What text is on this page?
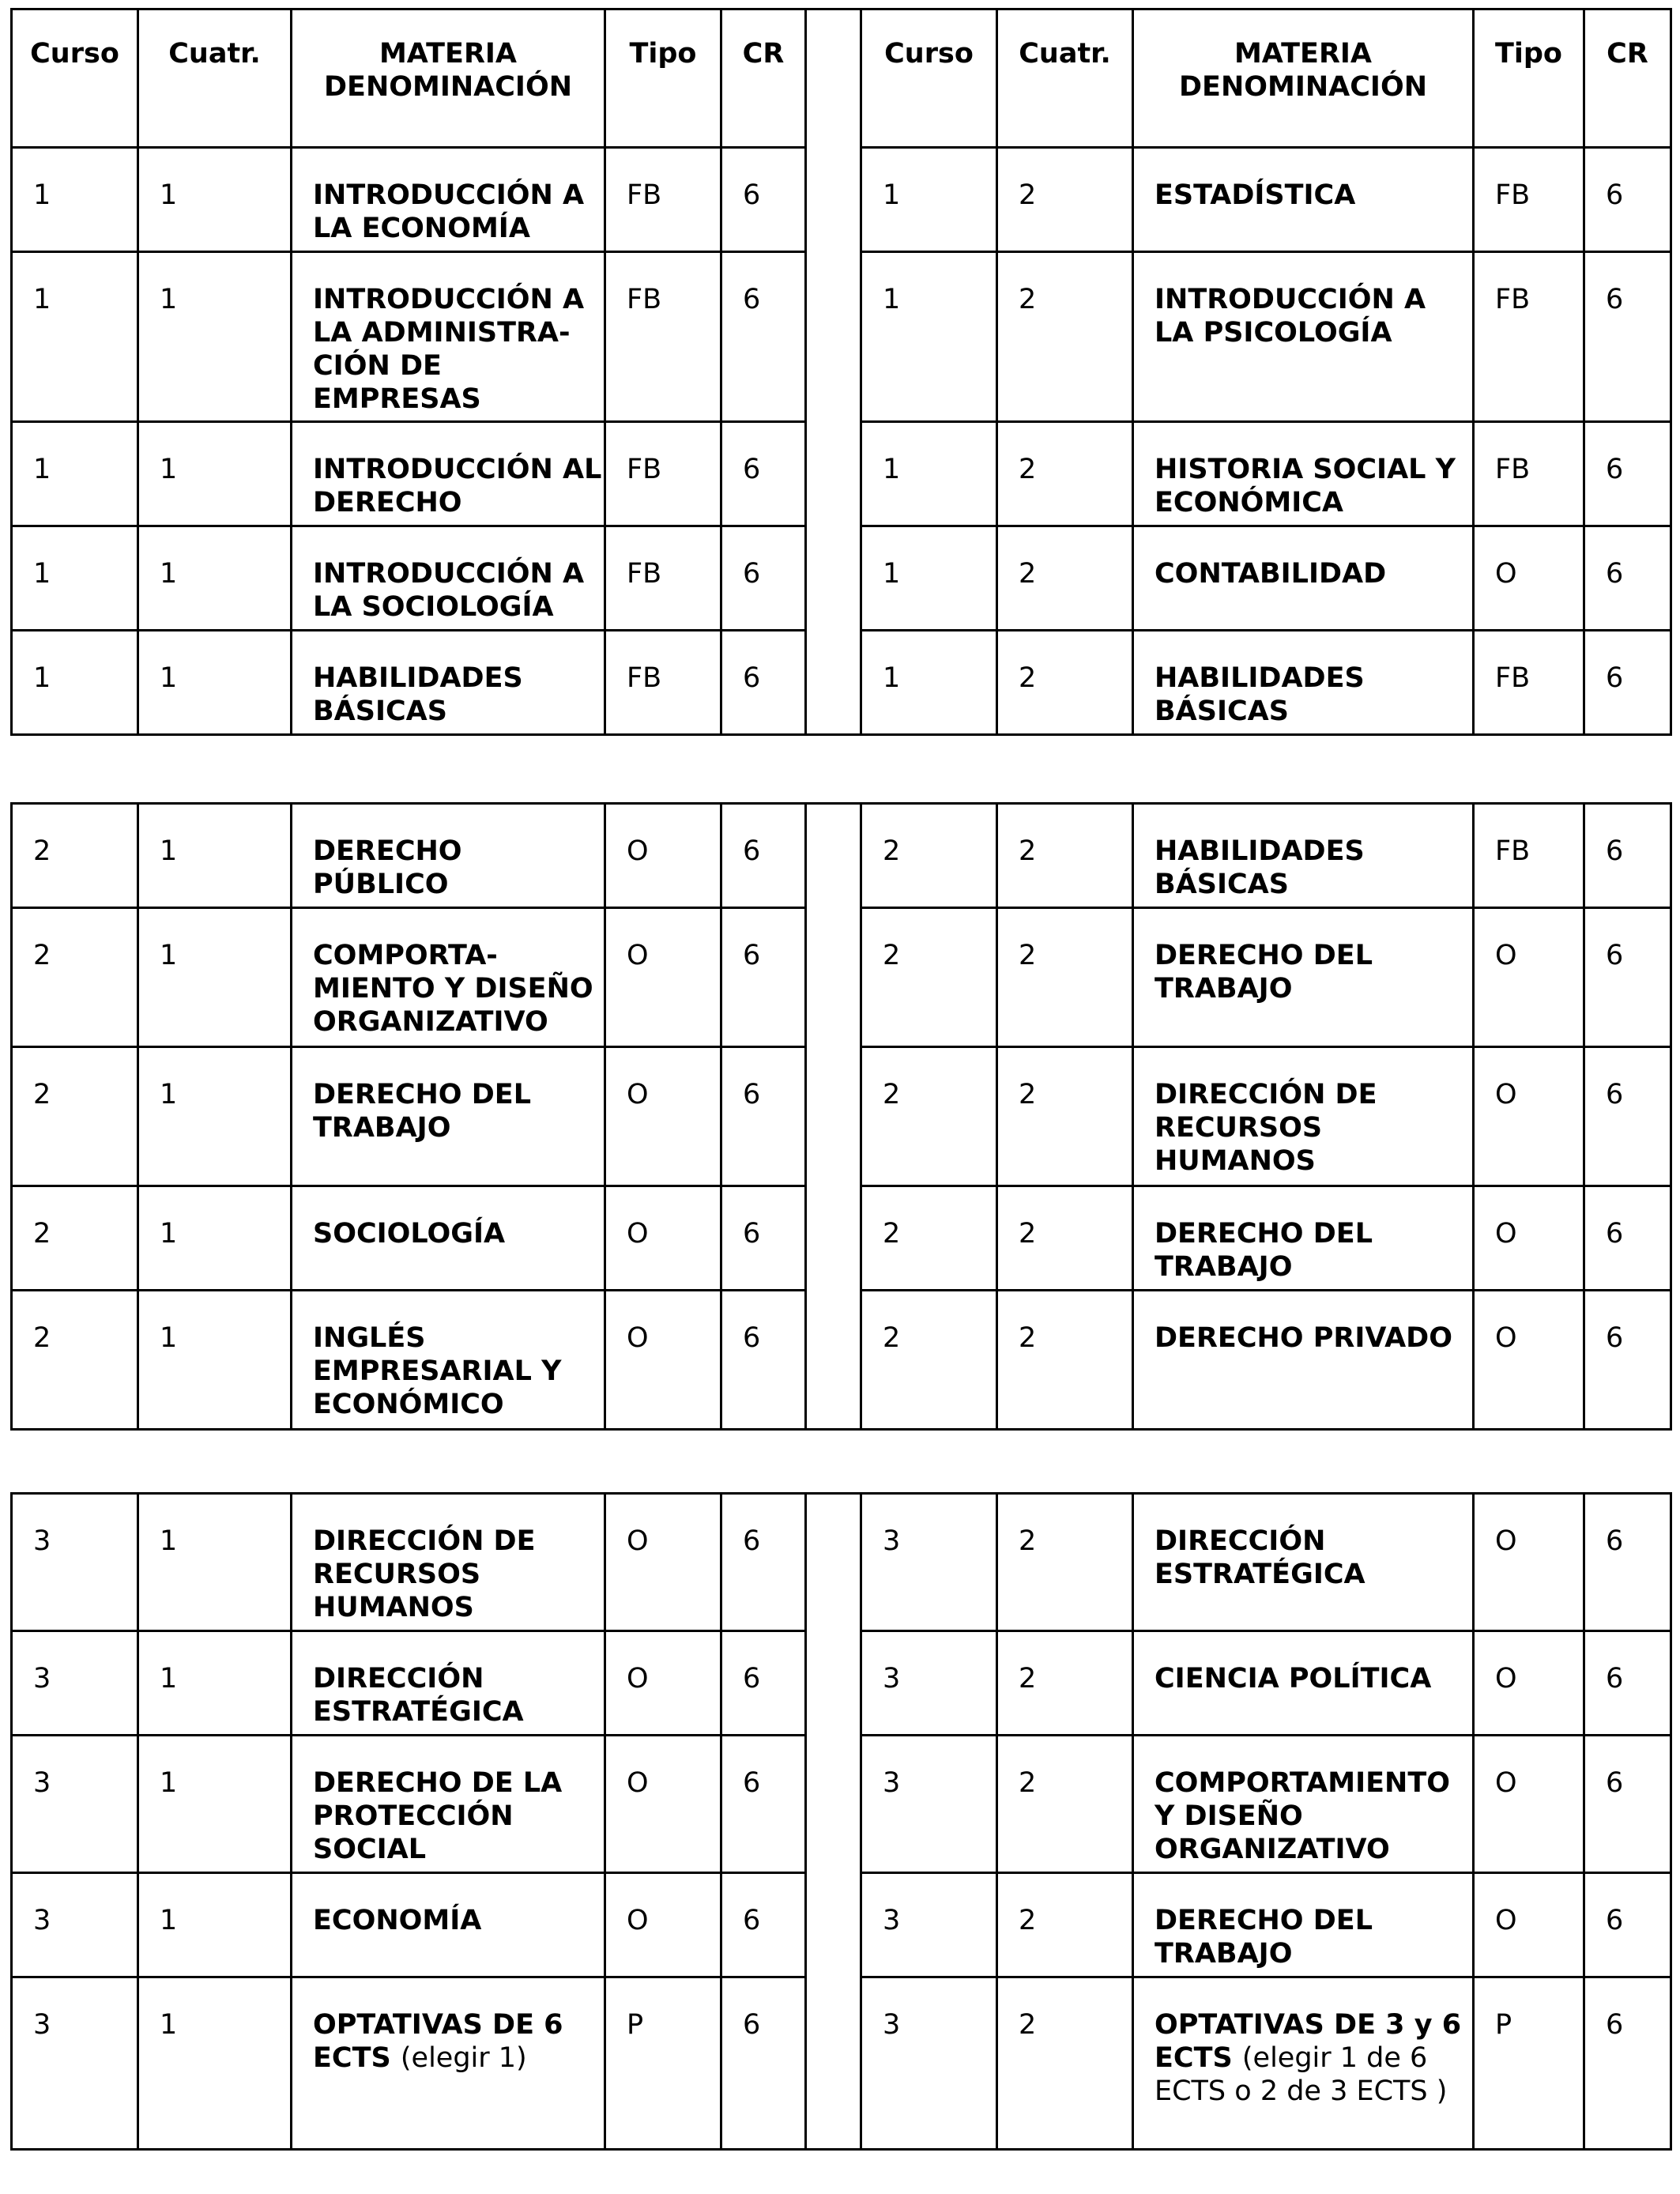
Curso	Cuatr.	MATERIA DENOMINACIÓN	Tipo	CR		Curso	Cuatr.	MATERIA DENOMINACIÓN	Tipo	CR
1	1	INTRODUCCIÓN A LA ECONOMÍA	FB	6		1	2	ESTADÍSTICA	FB	6
1	1	INTRODUCCIÓN A LA ADMINISTRA-CIÓN DE EMPRESAS	FB	6		1	2	INTRODUCCIÓN A LA PSICOLOGÍA	FB	6
1	1	INTRODUCCIÓN AL DERECHO	FB	6		1	2	HISTORIA SOCIAL Y ECONÓMICA	FB	6
1	1	INTRODUCCIÓN A LA SOCIOLOGÍA	FB	6		1	2	CONTABILIDAD	O	6
1	1	HABILIDADES BÁSICAS	FB	6		1	2	HABILIDADES BÁSICAS	FB	6
2	1	DERECHO PÚBLICO	O	6		2	2	HABILIDADES BÁSICAS	FB	6
2	1	COMPORTA-MIENTO Y DISEÑO ORGANIZATIVO	O	6		2	2	DERECHO DEL TRABAJO	O	6
2	1	DERECHO DEL TRABAJO	O	6		2	2	DIRECCIÓN DE RECURSOS HUMANOS	O	6
2	1	SOCIOLOGÍA	O	6		2	2	DERECHO DEL TRABAJO	O	6
2	1	INGLÉS EMPRESARIAL Y ECONÓMICO	O	6		2	2	DERECHO PRIVADO	O	6
3	1	DIRECCIÓN DE RECURSOS HUMANOS	O	6		3	2	DIRECCIÓN ESTRATÉGICA	O	6
3	1	DIRECCIÓN ESTRATÉGICA	O	6		3	2	CIENCIA POLÍTICA	O	6
3	1	DERECHO DE LA PROTECCIÓN SOCIAL	O	6		3	2	COMPORTAMIENTO Y DISEÑO ORGANIZATIVO	O	6
3	1	ECONOMÍA	O	6		3	2	DERECHO DEL TRABAJO	O	6
3	1	OPTATIVAS DE 6 ECTS (elegir 1)	P	6		3	2	OPTATIVAS DE 3 y 6 ECTS (elegir 1 de 6 ECTS o 2 de 3 ECTS )	P	6
